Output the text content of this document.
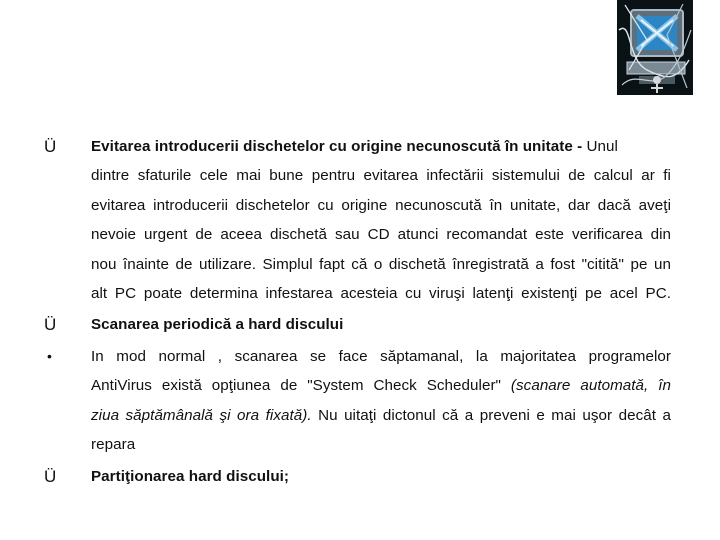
Ü Evitarea introducerii dischetelor cu origine necunoscută în unitate - Unul
dintre sfaturile cele mai bune pentru evitarea infectării sistemului de calcul ar fi
evitarea introducerii dischetelor cu origine necunoscută în unitate, dar dacă aveţi
nevoie urgent de aceea dischetă sau CD atunci recomandat este verificarea din
nou înainte de utilizare. Simplul fapt că o dischetă înregistrată a fost "citită" pe un
alt PC poate determina infestarea acesteia cu viruşi latenţi existenţi pe acel PC.
Ü Scanarea periodică a hard discului
•	In mod normal , scanarea se face săptamanal, la majoritatea programelor
AntiVirus există opţiunea de "System Check Scheduler" (scanare automată, în
ziua săptămânală şi ora fixată). Nu uitaţi dictonul că a preveni e mai uşor decât a
repara
Ü Partiţionarea hard discului;
